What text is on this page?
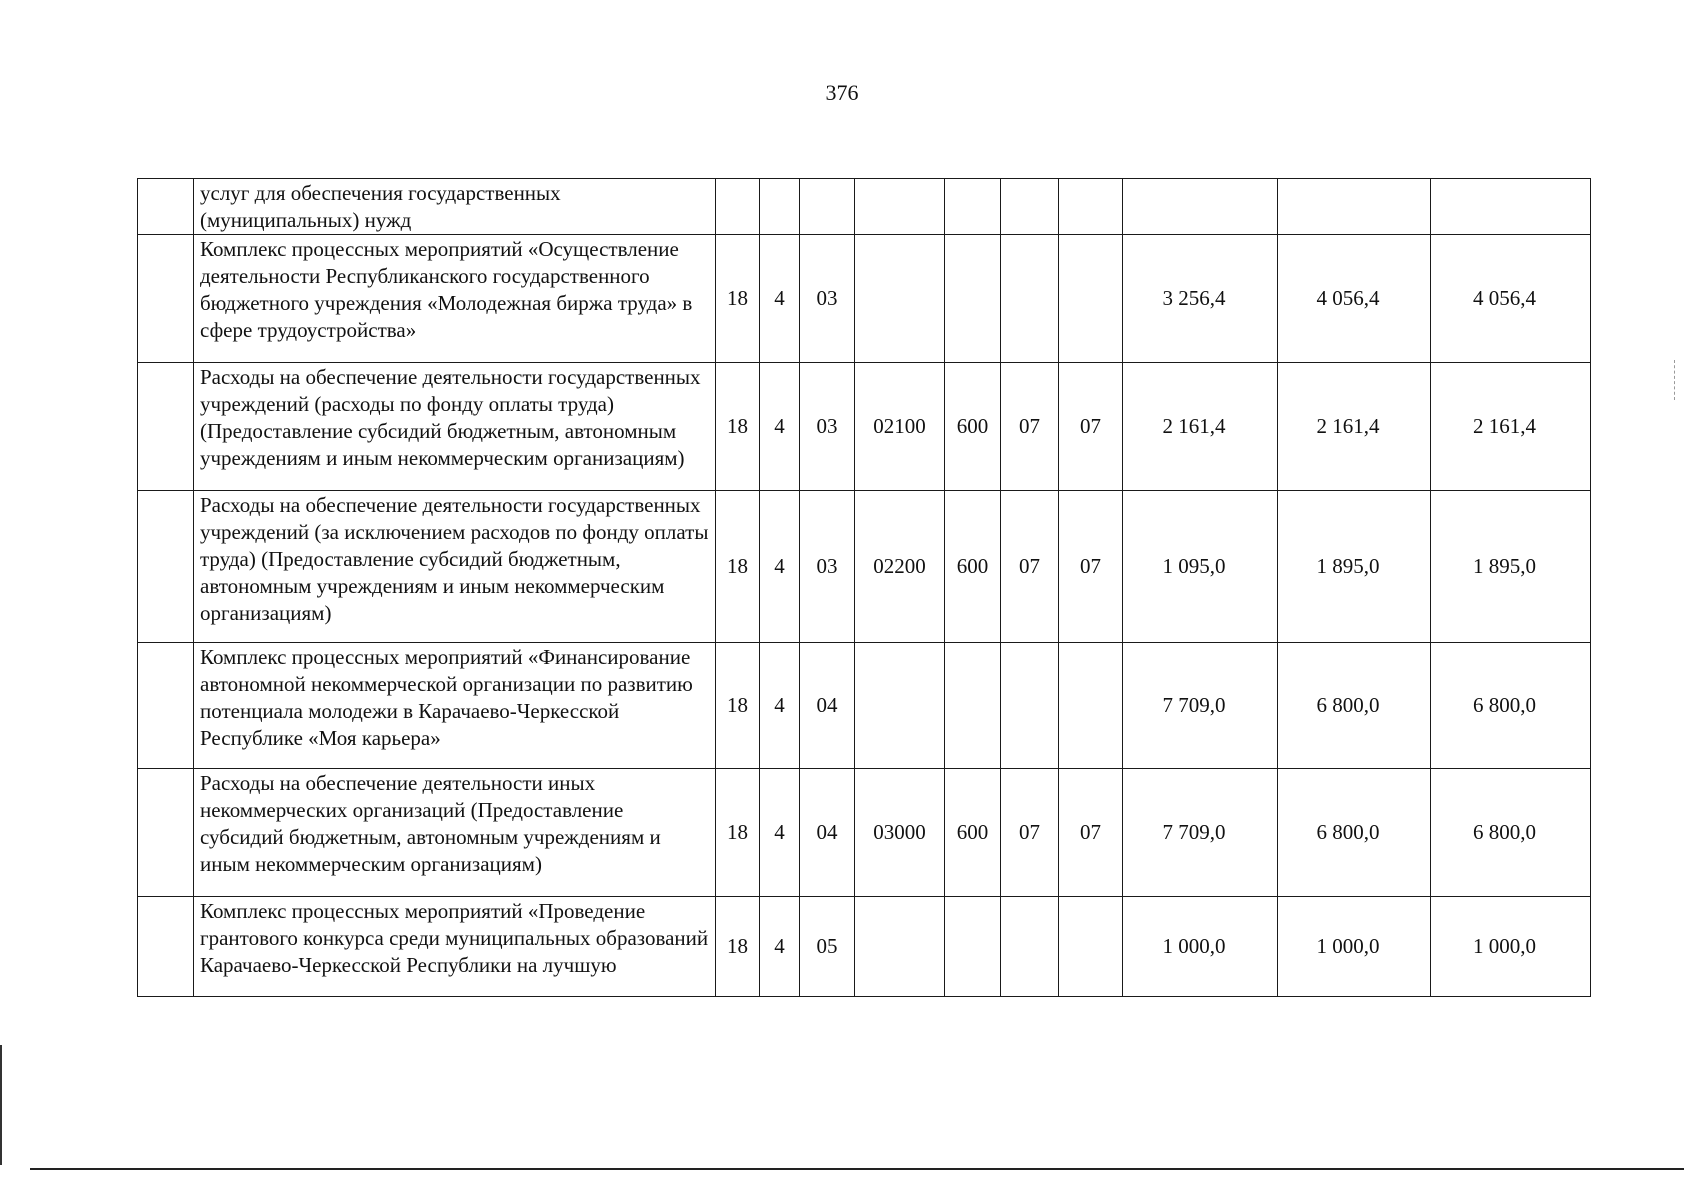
376
	услуг для обеспечения государственных (муниципальных) нужд										
	Комплекс процессных мероприятий «Осуществление деятельности Республиканского государственного бюджетного учреждения «Молодежная биржа труда» в сфере трудоустройства»	18	4	03					3 256,4	4 056,4	4 056,4
	Расходы на обеспечение деятельности государственных учреждений (расходы по фонду оплаты труда) (Предоставление субсидий бюджетным, автономным учреждениям и иным некоммерческим организациям)	18	4	03	02100	600	07	07	2 161,4	2 161,4	2 161,4
	Расходы на обеспечение деятельности государственных учреждений (за исключением расходов по фонду оплаты труда) (Предоставление субсидий бюджетным, автономным учреждениям и иным некоммерческим организациям)	18	4	03	02200	600	07	07	1 095,0	1 895,0	1 895,0
	Комплекс процессных мероприятий «Финансирование автономной некоммерческой организации по развитию потенциала молодежи в Карачаево-Черкесской Республике «Моя карьера»	18	4	04					7 709,0	6 800,0	6 800,0
	Расходы на обеспечение деятельности иных некоммерческих организаций (Предоставление субсидий бюджетным, автономным учреждениям и иным некоммерческим организациям)	18	4	04	03000	600	07	07	7 709,0	6 800,0	6 800,0
	Комплекс процессных мероприятий «Проведение грантового конкурса среди муниципальных образований Карачаево-Черкесской Республики на лучшую	18	4	05					1 000,0	1 000,0	1 000,0
